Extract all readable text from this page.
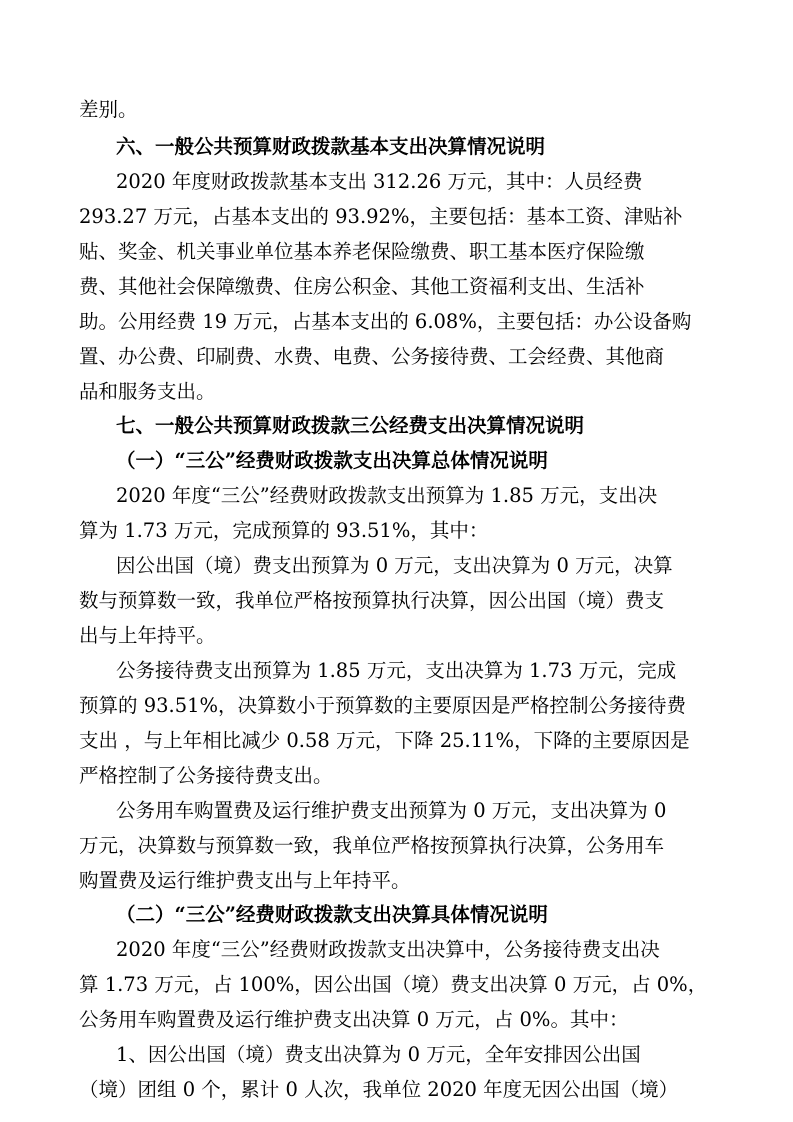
差别。
六、一般公共预算财政拨款基本支出决算情况说明
2020 年度财政拨款基本支出 312.26 万元，其中：人员经费
293.27 万元，占基本支出的 93.92%，主要包括：基本工资、津贴补
贴、奖金、机关事业单位基本养老保险缴费、职工基本医疗保险缴
费、其他社会保障缴费、住房公积金、其他工资福利支出、生活补
助。公用经费 19 万元，占基本支出的 6.08%，主要包括：办公设备购
置、办公费、印刷费、水费、电费、公务接待费、工会经费、其他商
品和服务支出。
七、一般公共预算财政拨款三公经费支出决算情况说明
（一）“三公”经费财政拨款支出决算总体情况说明
2020 年度“三公”经费财政拨款支出预算为 1.85 万元，支出决
算为 1.73 万元，完成预算的 93.51%，其中：
因公出国（境）费支出预算为 0 万元，支出决算为 0 万元，决算
数与预算数一致，我单位严格按预算执行决算，因公出国（境）费支
出与上年持平。
公务接待费支出预算为 1.85 万元，支出决算为 1.73 万元，完成
预算的 93.51%，决算数小于预算数的主要原因是严格控制公务接待费
支出 ，与上年相比减少 0.58 万元，下降 25.11%，下降的主要原因是
严格控制了公务接待费支出。
公务用车购置费及运行维护费支出预算为 0 万元，支出决算为 0
万元，决算数与预算数一致，我单位严格按预算执行决算，公务用车
购置费及运行维护费支出与上年持平。
（二）“三公”经费财政拨款支出决算具体情况说明
2020 年度“三公”经费财政拨款支出决算中，公务接待费支出决
算 1.73 万元，占 100%，因公出国（境）费支出决算 0 万元，占 0%，
公务用车购置费及运行维护费支出决算 0 万元，占 0%。其中：
1、因公出国（境）费支出决算为 0 万元，全年安排因公出国
（境）团组 0 个，累计 0 人次，我单位 2020 年度无因公出国（境）
